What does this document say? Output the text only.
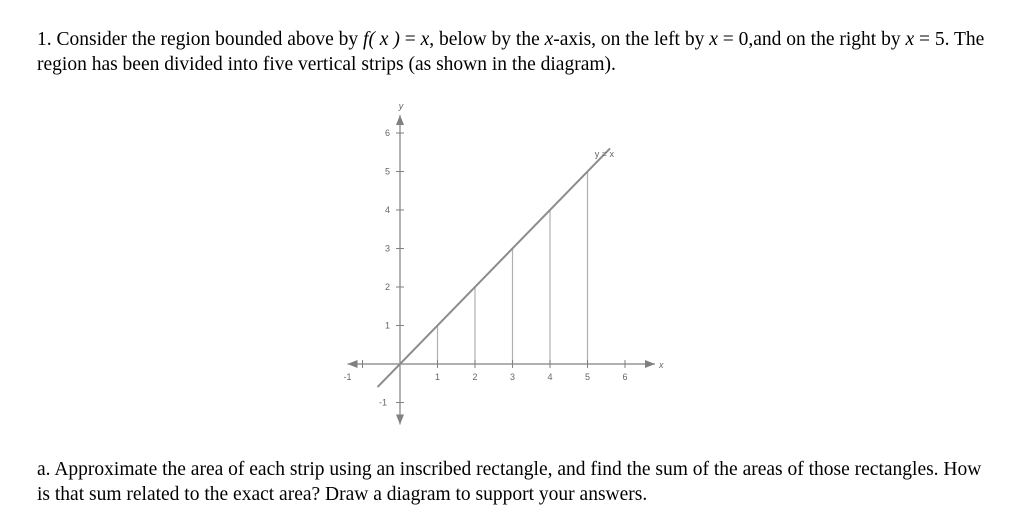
1. Consider the region bounded above by f( x ) = x, below by the x-axis, on the left by x = 0,and on the right by x = 5. The region has been divided into five vertical strips (as shown in the diagram).
-1	1	2	3	4	5	6
-1
1
2
3
4
5
6
y = x
x
y
a. Approximate the area of each strip using an inscribed rectangle, and find the sum of the areas of those rectangles. How is that sum related to the exact area? Draw a diagram to support your answers.
